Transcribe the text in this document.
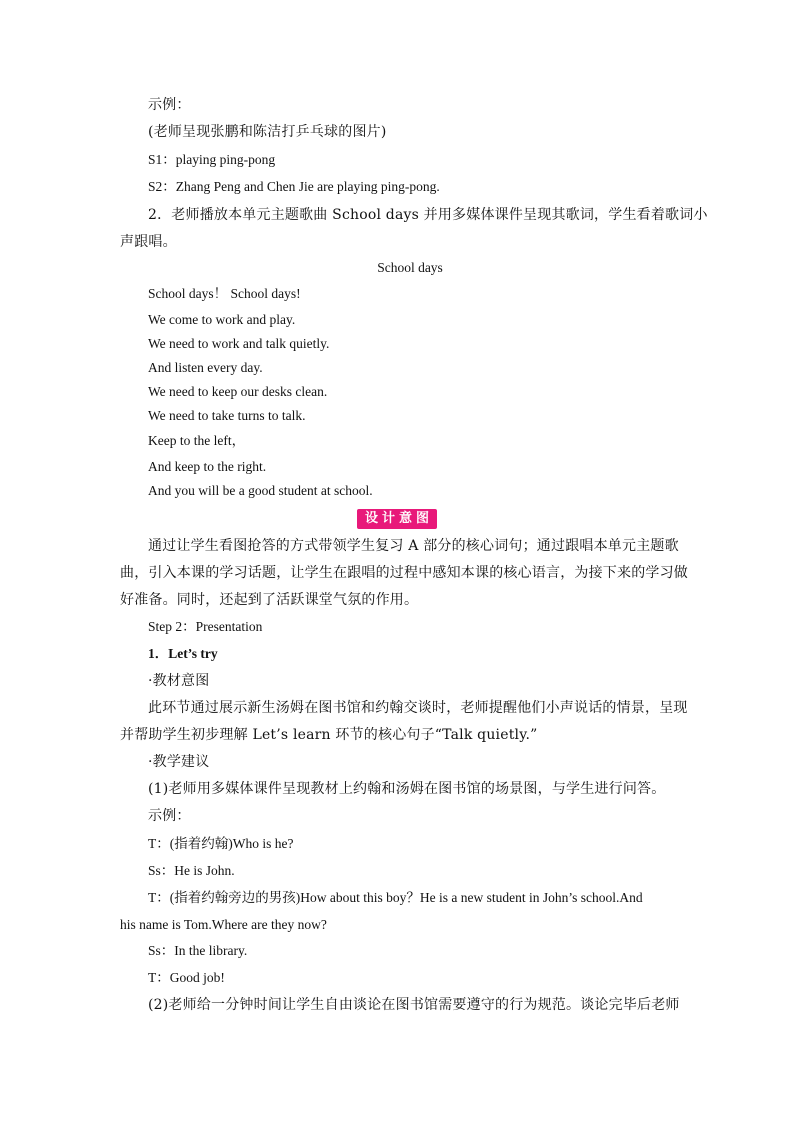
示例：
(老师呈现张鹏和陈洁打乒乓球的图片)
S1：playing ping-pong
S2：Zhang Peng and Chen Jie are playing ping-pong.
2．老师播放本单元主题歌曲 School days 并用多媒体课件呈现其歌词，学生看着歌词小
声跟唱。
School days
School days！ School days!
We come to work and play.
We need to work and talk quietly.
And listen every day.
We need to keep our desks clean.
We need to take turns to talk.
Keep to the left，
And keep to the right.
And you will be a good student at school.
设计意图
通过让学生看图抢答的方式带领学生复习 A 部分的核心词句；通过跟唱本单元主题歌
曲，引入本课的学习话题，让学生在跟唱的过程中感知本课的核心语言，为接下来的学习做
好准备。同时，还起到了活跃课堂气氛的作用。
Step 2：Presentation
1．Let’s try
·教材意图
此环节通过展示新生汤姆在图书馆和约翰交谈时，老师提醒他们小声说话的情景，呈现
并帮助学生初步理解 Let’s learn 环节的核心句子“Talk quietly.”
·教学建议
(1)老师用多媒体课件呈现教材上约翰和汤姆在图书馆的场景图，与学生进行问答。
示例：
T：(指着约翰)Who is he?
Ss：He is John.
T：(指着约翰旁边的男孩)How about this boy？He is a new student in John’s school.And
his name is Tom.Where are they now?
Ss：In the library.
T：Good job!
(2)老师给一分钟时间让学生自由谈论在图书馆需要遵守的行为规范。谈论完毕后老师
